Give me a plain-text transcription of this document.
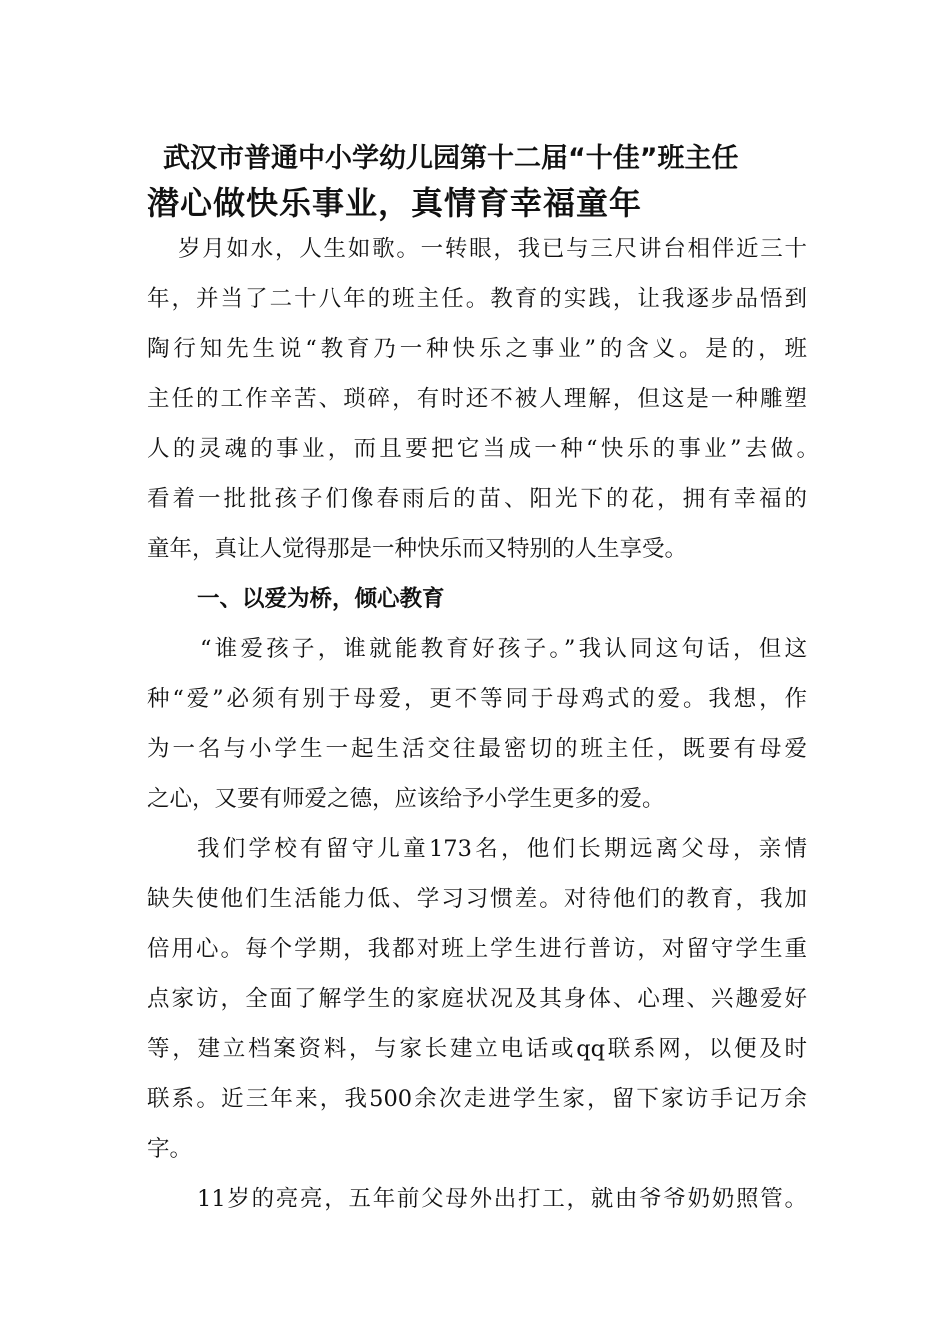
武汉市普通中小学幼儿园第十二届“十佳”班主任
潜心做快乐事业，真情育幸福童年
岁月如水，人生如歌。一转眼，我已与三尺讲台相伴近三十
年，并当了二十八年的班主任。教育的实践，让我逐步品悟到
陶行知先生说“教育乃一种快乐之事业”的含义。是的，班
主任的工作辛苦、琐碎，有时还不被人理解，但这是一种雕塑
人的灵魂的事业，而且要把它当成一种“快乐的事业”去做。
看着一批批孩子们像春雨后的苗、阳光下的花，拥有幸福的
童年，真让人觉得那是一种快乐而又特别的人生享受。
一、以爱为桥，倾心教育
“谁爱孩子，谁就能教育好孩子。”我认同这句话，但这
种“爱”必须有别于母爱，更不等同于母鸡式的爱。我想，作
为一名与小学生一起生活交往最密切的班主任，既要有母爱
之心，又要有师爱之德，应该给予小学生更多的爱。
我们学校有留守儿童173名，他们长期远离父母，亲情
缺失使他们生活能力低、学习习惯差。对待他们的教育，我加
倍用心。每个学期，我都对班上学生进行普访，对留守学生重
点家访，全面了解学生的家庭状况及其身体、心理、兴趣爱好
等，建立档案资料，与家长建立电话或qq联系网，以便及时
联系。近三年来，我500余次走进学生家，留下家访手记万余
字。
11岁的亮亮，五年前父母外出打工，就由爷爷奶奶照管。
